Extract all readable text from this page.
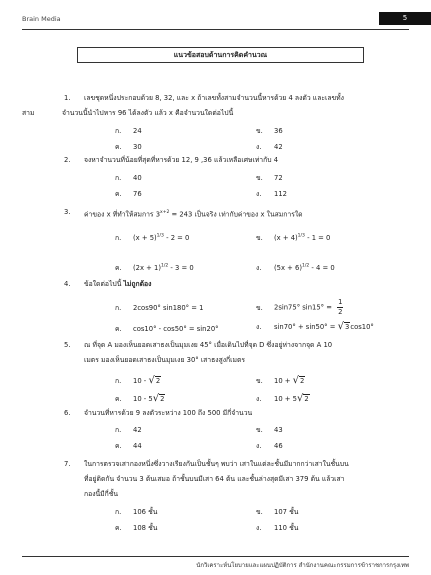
Brain Media	5
แนวข้อสอบด้านการคิดคำนวณ
1. เลขชุดหนึ่งประกอบด้วย 8, 32, และ x ถ้าเลขทั้งสามจำนวนนี้หารด้วย 4 ลงตัว และเลขทั้ง
สาม	จำนวนนี้นำไปหาร 96 ได้ลงตัว แล้ว x คือจำนวนใดต่อไปนี้
ก. 24	ข. 36
ค. 30	ง. 42
2. จงหาจำนวนที่น้อยที่สุดที่หารด้วย 12, 9 ,36 แล้วเหลือเศษเท่ากับ 4
ก. 40	ข. 72
ค. 76	ง. 112
3. ค่าของ x ที่ทำให้สมการ $3^{x+2} = 243$ เป็นจริง เท่ากับค่าของ x ในสมการใด
ก. $(x + 5)^{1/3} - 2 = 0$	ข. $(x + 4)^{1/3} - 1 = 0$
ค. $(2x + 1)^{1/2} - 3 = 0$	ง. $(5x + 6)^{1/2} - 4 = 0$
4. ข้อใดต่อไปนี้ ไม่ถูกต้อง
ก. 2cos90° sin180° = 1	ข. 2sin75° $\sin 15^\circ = \frac{1}{2}$
ค. cos10° - cos50° = sin20°	ง. sin70° + sin50° = √3cos10°
5. ณ ที่จุด A มองเห็นยอดเสาธงเป็นมุมเงย 45° เมื่อเดินไปที่จุด D ซึ่งอยู่ห่างจากจุด A 10
เมตร มองเห็นยอดเสาธงเป็นมุมเงย 30° เสาธงสูงกี่เมตร
ก. 10 - √2	ข. 10 + √2
ค. 10 - 5√2	ง. 10 + 5√2
6. จำนวนที่หารด้วย 9 ลงตัวระหว่าง 100 ถึง 500 มีกี่จำนวน
ก. 42	ข. 43
ค. 44	ง. 46
7. ในการตรวจเสากองหนึ่งซึ่งวางเรียงกันเป็นชั้นๆ พบว่า เสาในแต่ละชั้นมีมากกว่าเสาในชั้นบน
ที่อยู่ติดกัน จำนวน 3 ต้นเสมอ ถ้าชั้นบนมีเสา 64 ต้น และชั้นล่างสุดมีเสา 379 ต้น แล้วเสา
กองนี้มีกี่ชั้น
ก. 106 ชั้น	ข. 107 ชั้น
ค. 108 ชั้น	ง. 110 ชั้น
นักวิเคราะห์นโยบายและแผนปฏิบัติการ สำนักงานคณะกรรมการข้าราชการกรุงเทพ
